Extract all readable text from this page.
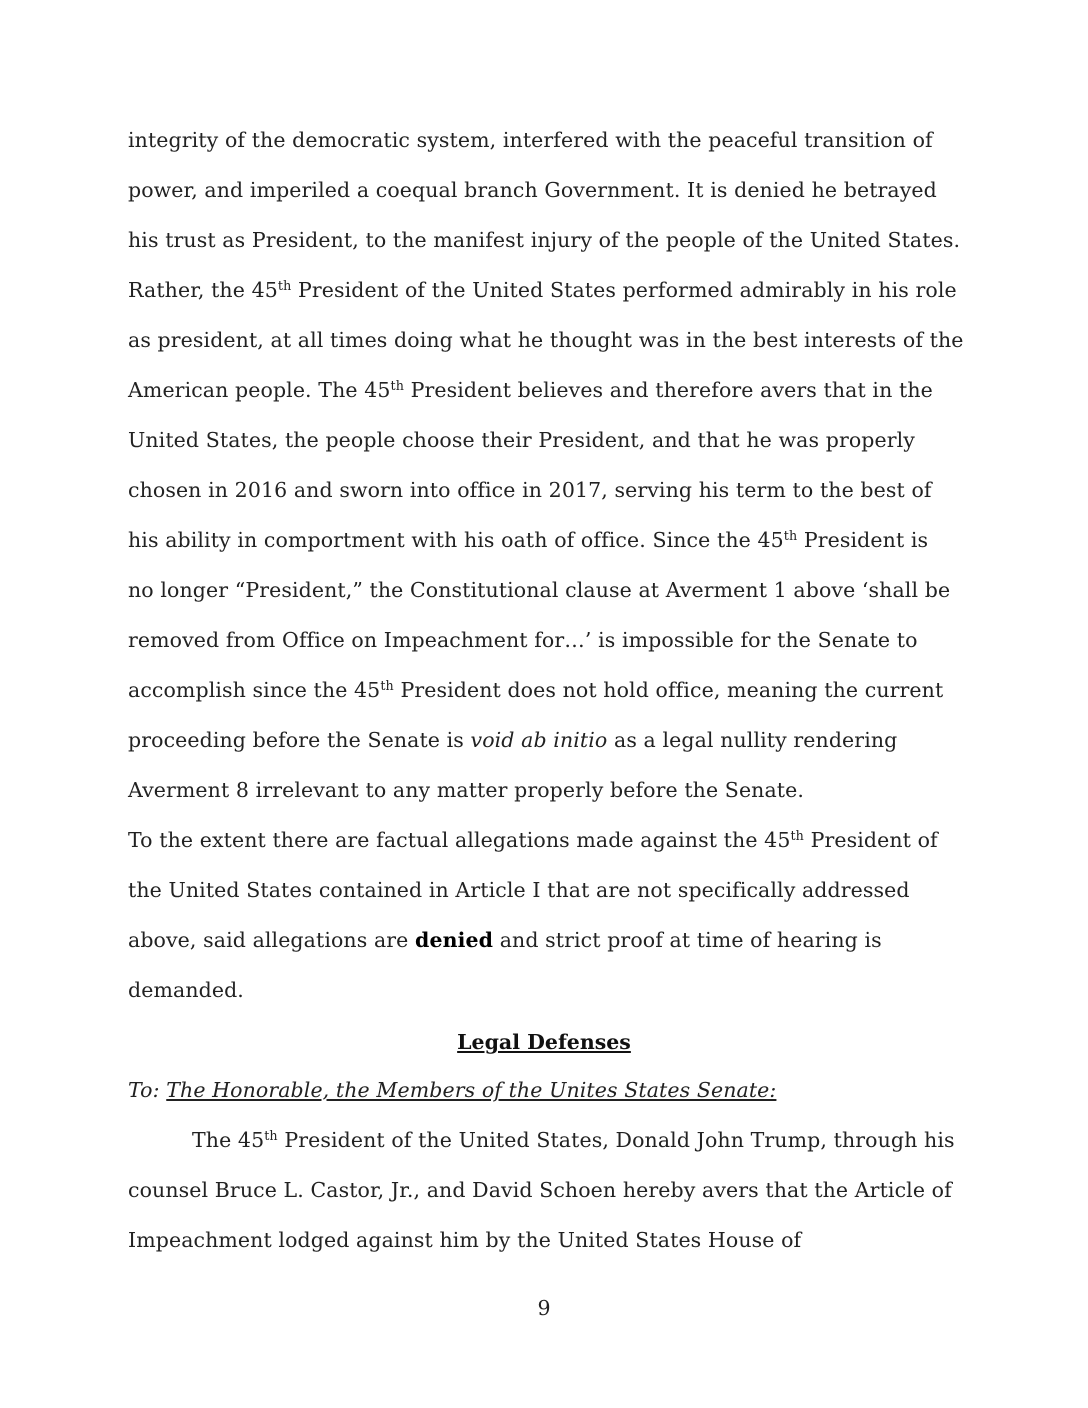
integrity of the democratic system, interfered with the peaceful transition of
power, and imperiled a coequal branch Government. It is denied he betrayed
his trust as President, to the manifest injury of the people of the United States.
Rather, the 45th President of the United States performed admirably in his role
as president, at all times doing what he thought was in the best interests of the
American people. The 45th President believes and therefore avers that in the
United States, the people choose their President, and that he was properly
chosen in 2016 and sworn into office in 2017, serving his term to the best of
his ability in comportment with his oath of office. Since the 45th President is
no longer “President,” the Constitutional clause at Averment 1 above ‘shall be
removed from Office on Impeachment for…’ is impossible for the Senate to
accomplish since the 45th President does not hold office, meaning the current
proceeding before the Senate is void ab initio as a legal nullity rendering
Averment 8 irrelevant to any matter properly before the Senate.
To the extent there are factual allegations made against the 45th President of
the United States contained in Article I that are not specifically addressed
above, said allegations are denied and strict proof at time of hearing is
demanded.
Legal Defenses
To: The Honorable, the Members of the Unites States Senate:
The 45th President of the United States, Donald John Trump, through his
counsel Bruce L. Castor, Jr., and David Schoen hereby avers that the Article of
Impeachment lodged against him by the United States House of
9
